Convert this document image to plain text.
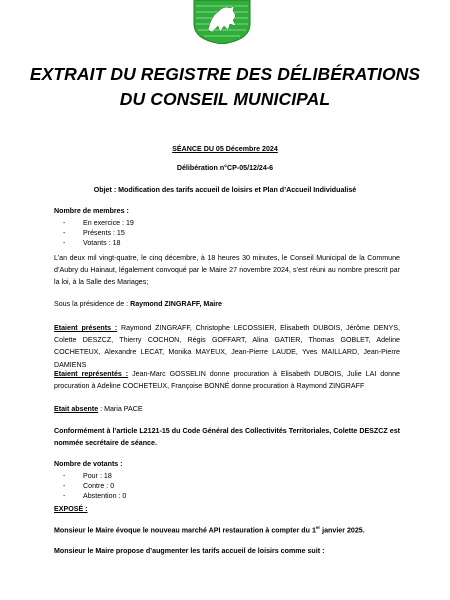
EXTRAIT DU REGISTRE DES DÉLIBÉRATIONS
DU CONSEIL MUNICIPAL
SÉANCE DU 05 Décembre 2024
Délibération n°CP-05/12/24-6
Objet : Modification des tarifs accueil de loisirs et Plan d’Accueil Individualisé
Nombre de membres :
-	En exercice : 19
-	Présents : 15
-	Votants : 18
L’an deux mil vingt-quatre, le cinq décembre, à 18 heures 30 minutes, le Conseil Municipal de la Commune d’Aubry du Hainaut, légalement convoqué par le Maire 27 novembre 2024, s’est réuni au nombre prescrit par la loi, à la Salle des Mariages;
Sous la présidence de : Raymond ZINGRAFF, Maire
Etaient présents : Raymond ZINGRAFF, Christophe LECOSSIER, Elisabeth DUBOIS, Jérôme DENYS, Colette DESZCZ, Thierry COCHON, Régis GOFFART, Alina GATIER, Thomas GOBLET, Adeline COCHETEUX, Alexandre LECAT, Monika MAYEUX, Jean-Pierre LAUDE, Yves MAILLARD, Jean-Pierre DAMIENS
Etaient représentés : Jean-Marc GOSSELIN donne procuration à Elisabeth DUBOIS, Julie LAI donne procuration à Adeline COCHETEUX, Françoise BONNÉ donne procuration à Raymond ZINGRAFF
Etait absente : Maria PACE
Conformément à l’article L2121-15 du Code Général des Collectivités Territoriales, Colette DESZCZ est nommée secrétaire de séance.
Nombre de votants :
-	Pour : 18
-	Contre : 0
-	Abstention : 0
EXPOSÉ :
Monsieur le Maire évoque le nouveau marché API restauration à compter du 1er janvier 2025.
Monsieur le Maire propose d’augmenter les tarifs accueil de loisirs comme suit :
